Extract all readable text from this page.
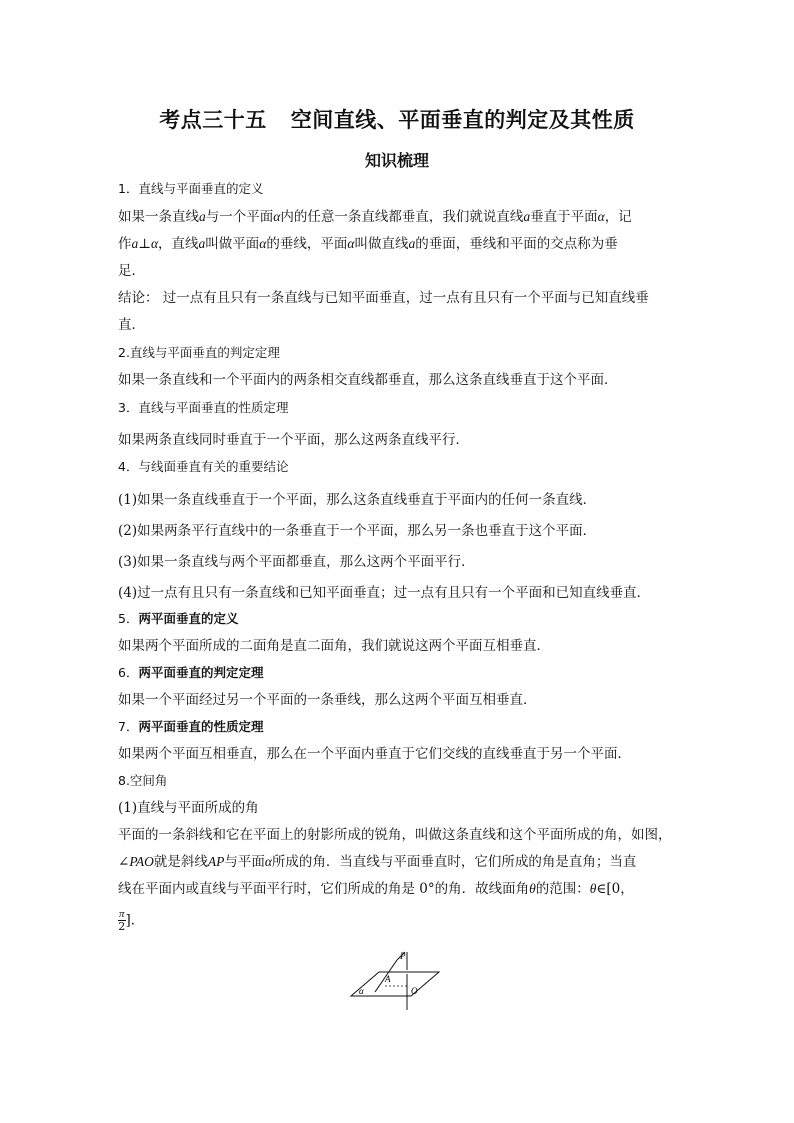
考点三十五 空间直线、平面垂直的判定及其性质
知识梳理
1．直线与平面垂直的定义
如果一条直线a与一个平面α内的任意一条直线都垂直，我们就说直线a垂直于平面α，记
作a⊥α，直线a叫做平面α的垂线，平面α叫做直线a的垂面，垂线和平面的交点称为垂
足．
结论： 过一点有且只有一条直线与已知平面垂直，过一点有且只有一个平面与已知直线垂
直．
2.直线与平面垂直的判定定理
如果一条直线和一个平面内的两条相交直线都垂直，那么这条直线垂直于这个平面．
3．直线与平面垂直的性质定理
如果两条直线同时垂直于一个平面，那么这两条直线平行．
4．与线面垂直有关的重要结论
(1)如果一条直线垂直于一个平面，那么这条直线垂直于平面内的任何一条直线．
(2)如果两条平行直线中的一条垂直于一个平面，那么另一条也垂直于这个平面．
(3)如果一条直线与两个平面都垂直，那么这两个平面平行．
(4)过一点有且只有一条直线和已知平面垂直；过一点有且只有一个平面和已知直线垂直．
5．两平面垂直的定义
如果两个平面所成的二面角是直二面角，我们就说这两个平面互相垂直．
6．两平面垂直的判定定理
如果一个平面经过另一个平面的一条垂线，那么这两个平面互相垂直．
7．两平面垂直的性质定理
如果两个平面互相垂直，那么在一个平面内垂直于它们交线的直线垂直于另一个平面．
8.空间角
(1)直线与平面所成的角
平面的一条斜线和它在平面上的射影所成的锐角，叫做这条直线和这个平面所成的角，如图，
∠PAO就是斜线AP与平面α所成的角．当直线与平面垂直时，它们所成的角是直角；当直
线在平面内或直线与平面平行时，它们所成的角是 0°的角．故线面角θ的范围：θ∈[0，
$\frac{\pi}{2}$ ]．
P
A
O
α
